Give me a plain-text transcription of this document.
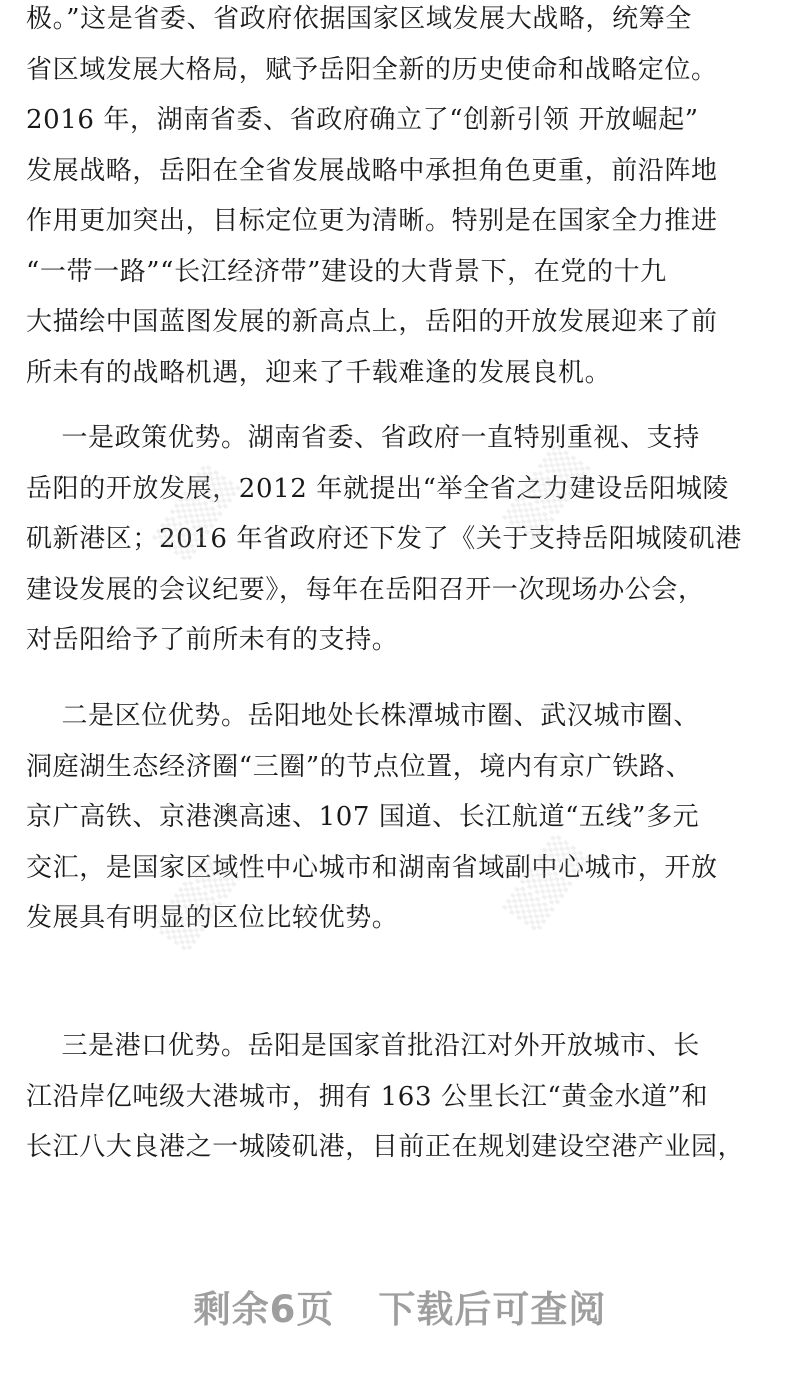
极。”这是省委、省政府依据国家区域发展大战略，统筹全
省区域发展大格局，赋予岳阳全新的历史使命和战略定位。
2016 年，湖南省委、省政府确立了“创新引领 开放崛起”
发展战略，岳阳在全省发展战略中承担角色更重，前沿阵地
作用更加突出，目标定位更为清晰。特别是在国家全力推进
“一带一路”“长江经济带”建设的大背景下，在党的十九
大描绘中国蓝图发展的新高点上，岳阳的开放发展迎来了前
所未有的战略机遇，迎来了千载难逢的发展良机。
一是政策优势。湖南省委、省政府一直特别重视、支持
岳阳的开放发展，2012 年就提出“举全省之力建设岳阳城陵
矶新港区；2016 年省政府还下发了《关于支持岳阳城陵矶港
建设发展的会议纪要》，每年在岳阳召开一次现场办公会，
对岳阳给予了前所未有的支持。
二是区位优势。岳阳地处长株潭城市圈、武汉城市圈、
洞庭湖生态经济圈“三圈”的节点位置，境内有京广铁路、
京广高铁、京港澳高速、107 国道、长江航道“五线”多元
交汇，是国家区域性中心城市和湖南省域副中心城市，开放
发展具有明显的区位比较优势。
三是港口优势。岳阳是国家首批沿江对外开放城市、长
江沿岸亿吨级大港城市，拥有 163 公里长江“黄金水道”和
长江八大良港之一城陵矶港，目前正在规划建设空港产业园，
▒▒▒	▒▒▒
▒▒▒
▒▒▒
剩余6页 下载后可查阅
